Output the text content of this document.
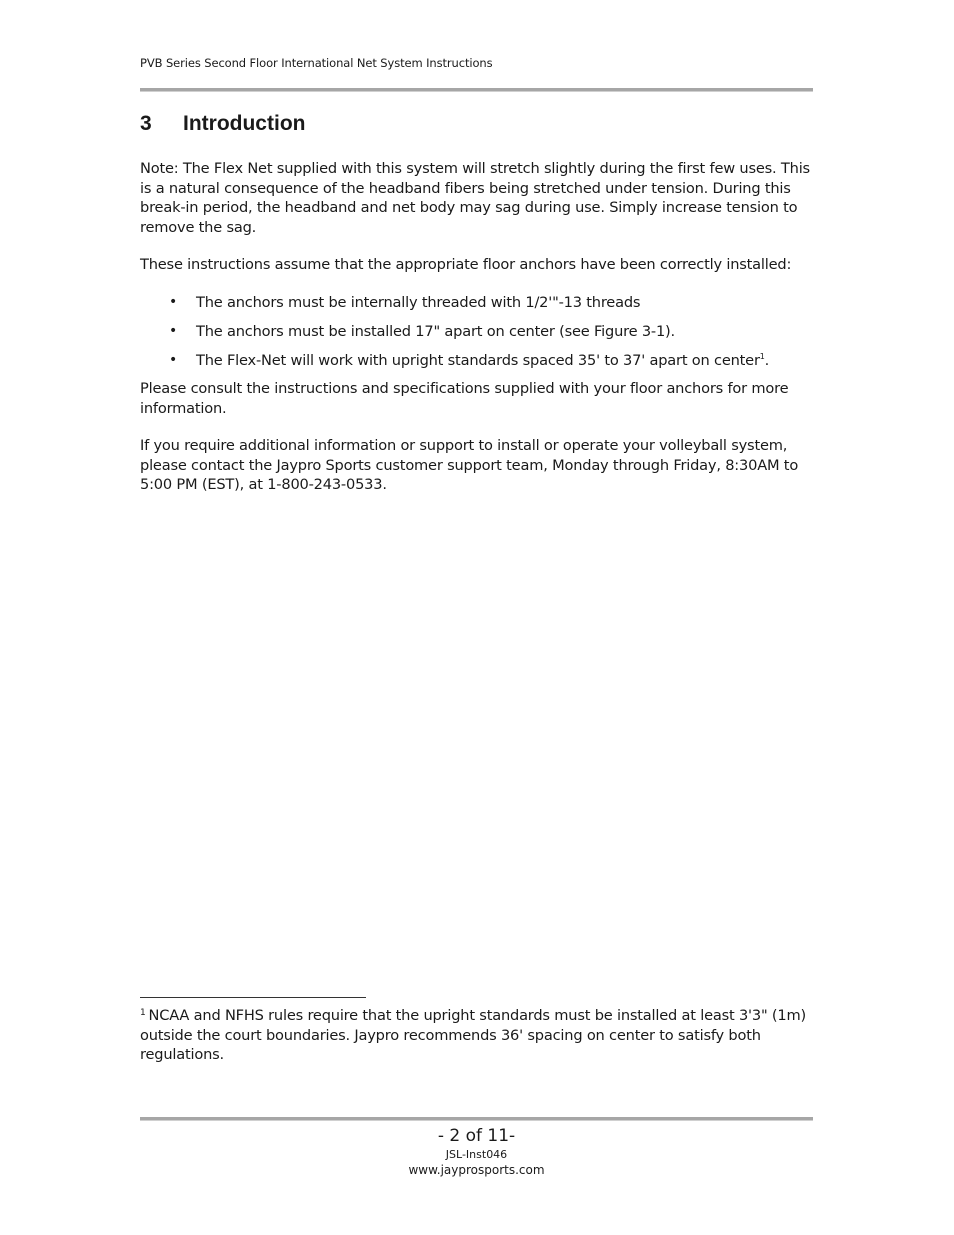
PVB Series Second Floor International Net System Instructions
3	Introduction

Note: The Flex Net supplied with this system will stretch slightly during the first few uses. This is a natural consequence of the headband fibers being stretched under tension. During this break-in period, the headband and net body may sag during use. Simply increase tension to remove the sag.

These instructions assume that the appropriate floor anchors have been correctly installed:

• The anchors must be internally threaded with 1/2'"-13 threads
• The anchors must be installed 17" apart on center (see Figure 3-1).
• The Flex-Net will work with upright standards spaced 35' to 37' apart on center$^1$.

Please consult the instructions and specifications supplied with your floor anchors for more information.

If you require additional information or support to install or operate your volleyball system, please contact the Jaypro Sports customer support team, Monday through Friday, 8:30AM to 5:00 PM (EST), at 1-800-243-0533.

$^1$ NCAA and NFHS rules require that the upright standards must be installed at least 3'3" (1m) outside the court boundaries. Jaypro recommends 36' spacing on center to satisfy both regulations.
- 2 of 11-
JSL-Inst046
www.jayprosports.com
